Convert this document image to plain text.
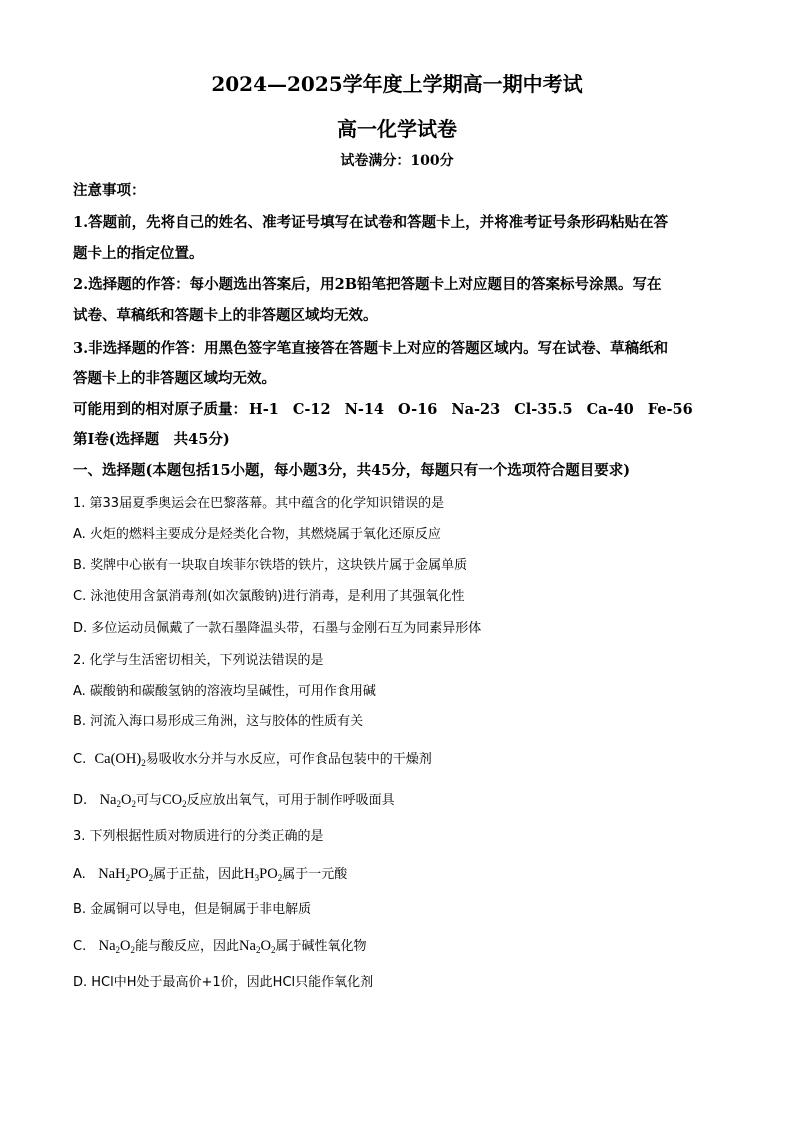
2024—2025学年度上学期高一期中考试
高一化学试卷
试卷满分：100分
注意事项：
1.答题前，先将自己的姓名、准考证号填写在试卷和答题卡上，并将准考证号条形码粘贴在答
题卡上的指定位置。
2.选择题的作答：每小题选出答案后，用2B铅笔把答题卡上对应题目的答案标号涂黑。写在
试卷、草稿纸和答题卡上的非答题区域均无效。
3.非选择题的作答：用黑色签字笔直接答在答题卡上对应的答题区域内。写在试卷、草稿纸和
答题卡上的非答题区域均无效。
可能用到的相对原子质量： H-1 C-12 N-14 O-16 Na-23 Cl-35.5 Ca-40 Fe-56
第Ⅰ卷(选择题　共45分)
一、选择题(本题包括15小题，每小题3分，共45分，每题只有一个选项符合题目要求)
1. 第33届夏季奥运会在巴黎落幕。其中蕴含的化学知识错误的是
A. 火炬的燃料主要成分是烃类化合物，其燃烧属于氧化还原反应
B. 奖牌中心嵌有一块取自埃菲尔铁塔的铁片，这块铁片属于金属单质
C. 泳池使用含氯消毒剂(如次氯酸钠)进行消毒，是利用了其强氧化性
D. 多位运动员佩戴了一款石墨降温头带，石墨与金刚石互为同素异形体
2. 化学与生活密切相关，下列说法错误的是
A. 碳酸钠和碳酸氢钠的溶液均呈碱性，可用作食用碱
B. 河流入海口易形成三角洲，这与胶体的性质有关
C. $Ca(OH)_2$易吸收水分并与水反应，可作食品包装中的干燥剂
D. $Na_2O_2$可与$CO_2$反应放出氧气，可用于制作呼吸面具
3. 下列根据性质对物质进行的分类正确的是
A. $NaH_2PO_2$属于正盐，因此$H_3PO_2$属于一元酸
B. 金属铜可以导电，但是铜属于非电解质
C. $Na_2O_2$能与酸反应，因此$Na_2O_2$属于碱性氧化物
D. HCl中H处于最高价+1价，因此HCl只能作氧化剂
